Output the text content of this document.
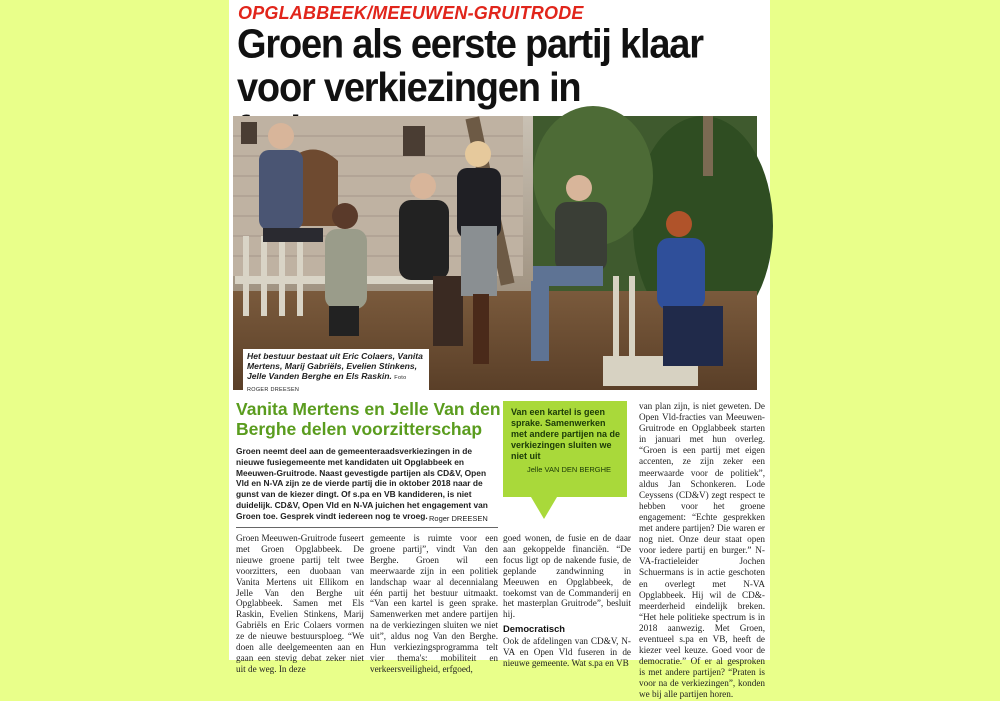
OPGLABBEEK/MEEUWEN-GRUITRODE
Groen als eerste partij klaar voor verkiezingen in
Het bestuur bestaat uit Eric Colaers, Vanita Mertens, Marij Gabriëls, Evelien Stinkens, Jelle Vanden Berghe en Els Raskin. Foto ROGER DREESEN
Vanita Mertens en Jelle Van den Berghe delen voorzitterschap
Groen neemt deel aan de gemeenteraadsverkiezingen in de nieuwe fusiegemeente met kandidaten uit Opglabbeek en Meeuwen-Gruitrode. Naast gevestigde partijen als CD&V, Open Vld en N-VA zijn ze de vierde partij die in oktober 2018 naar de gunst van de kiezer dingt. Of s.pa en VB kandideren, is niet duidelijk. CD&V, Open Vld en N-VA juichen het engagement van Groen toe. Gesprek vindt iedereen nog te vroeg. Roger DREESEN
Van een kartel is geen sprake. Samenwerken met andere partijen na de verkiezingen sluiten we niet uit
Jelle VAN DEN BERGHE

Groen Meeuwen-Gruitrode fuseert met Groen Opglabbeek. De nieuwe groene partij telt twee voorzitters, een duobaan van Vanita Mertens uit Ellikom en Jelle Van den Berghe uit Opglabbeek. Samen met Els Raskin, Evelien Stinkens, Marij Gabriëls en Eric Colaers vormen ze de nieuwe bestuursploeg. “We doen alle deelgemeenten aan en gaan een stevig debat zeker niet uit de weg. In deze

gemeente is ruimte voor een groene partij”, vindt Van den Berghe. Groen wil een meerwaarde zijn in een politiek landschap waar al decennialang één partij het bestuur uitmaakt. “Van een kartel is geen sprake. Samenwerken met andere partijen na de verkiezingen sluiten we niet uit”, aldus nog Van den Berghe. Hun verkiezingsprogramma telt vier thema's: mobiliteit en verkeersveiligheid, erfgoed,

goed wonen, de fusie en de daar aan gekoppelde financiën. “De focus ligt op de nakende fusie, de geplande zandwinning in Meeuwen en Opglabbeek, de toekomst van de Commanderij en het masterplan Gruitrode”, besluit hij.

Democratisch

Ook de afdelingen van CD&V, N-VA en Open Vld fuseren in de nieuwe gemeente. Wat s.pa en VB

van plan zijn, is niet geweten. De Open Vld-fracties van Meeuwen-Gruitrode en Opglabbeek starten in januari met hun overleg. “Groen is een partij met eigen accenten, ze zijn zeker een meerwaarde voor de politiek”, aldus Jan Schonkeren. Lode Ceyssens (CD&V) zegt respect te hebben voor het groene engagement: “Echte gesprekken met andere partijen? Die waren er nog niet. Onze deur staat open voor iedere partij en burger.” N-VA-fractieleider Jochen Schuermans is in actie geschoten en overlegt met N-VA Opglabbeek. Hij wil de CD&- meerderheid eindelijk breken. “Het hele politieke spectrum is in 2018 aanwezig. Met Groen, eventueel s.pa en VB, heeft de kiezer veel keuze. Goed voor de democratie.” Of er al gesproken is met andere partijen? “Praten is voor na de verkiezingen”, konden we bij alle partijen horen.
